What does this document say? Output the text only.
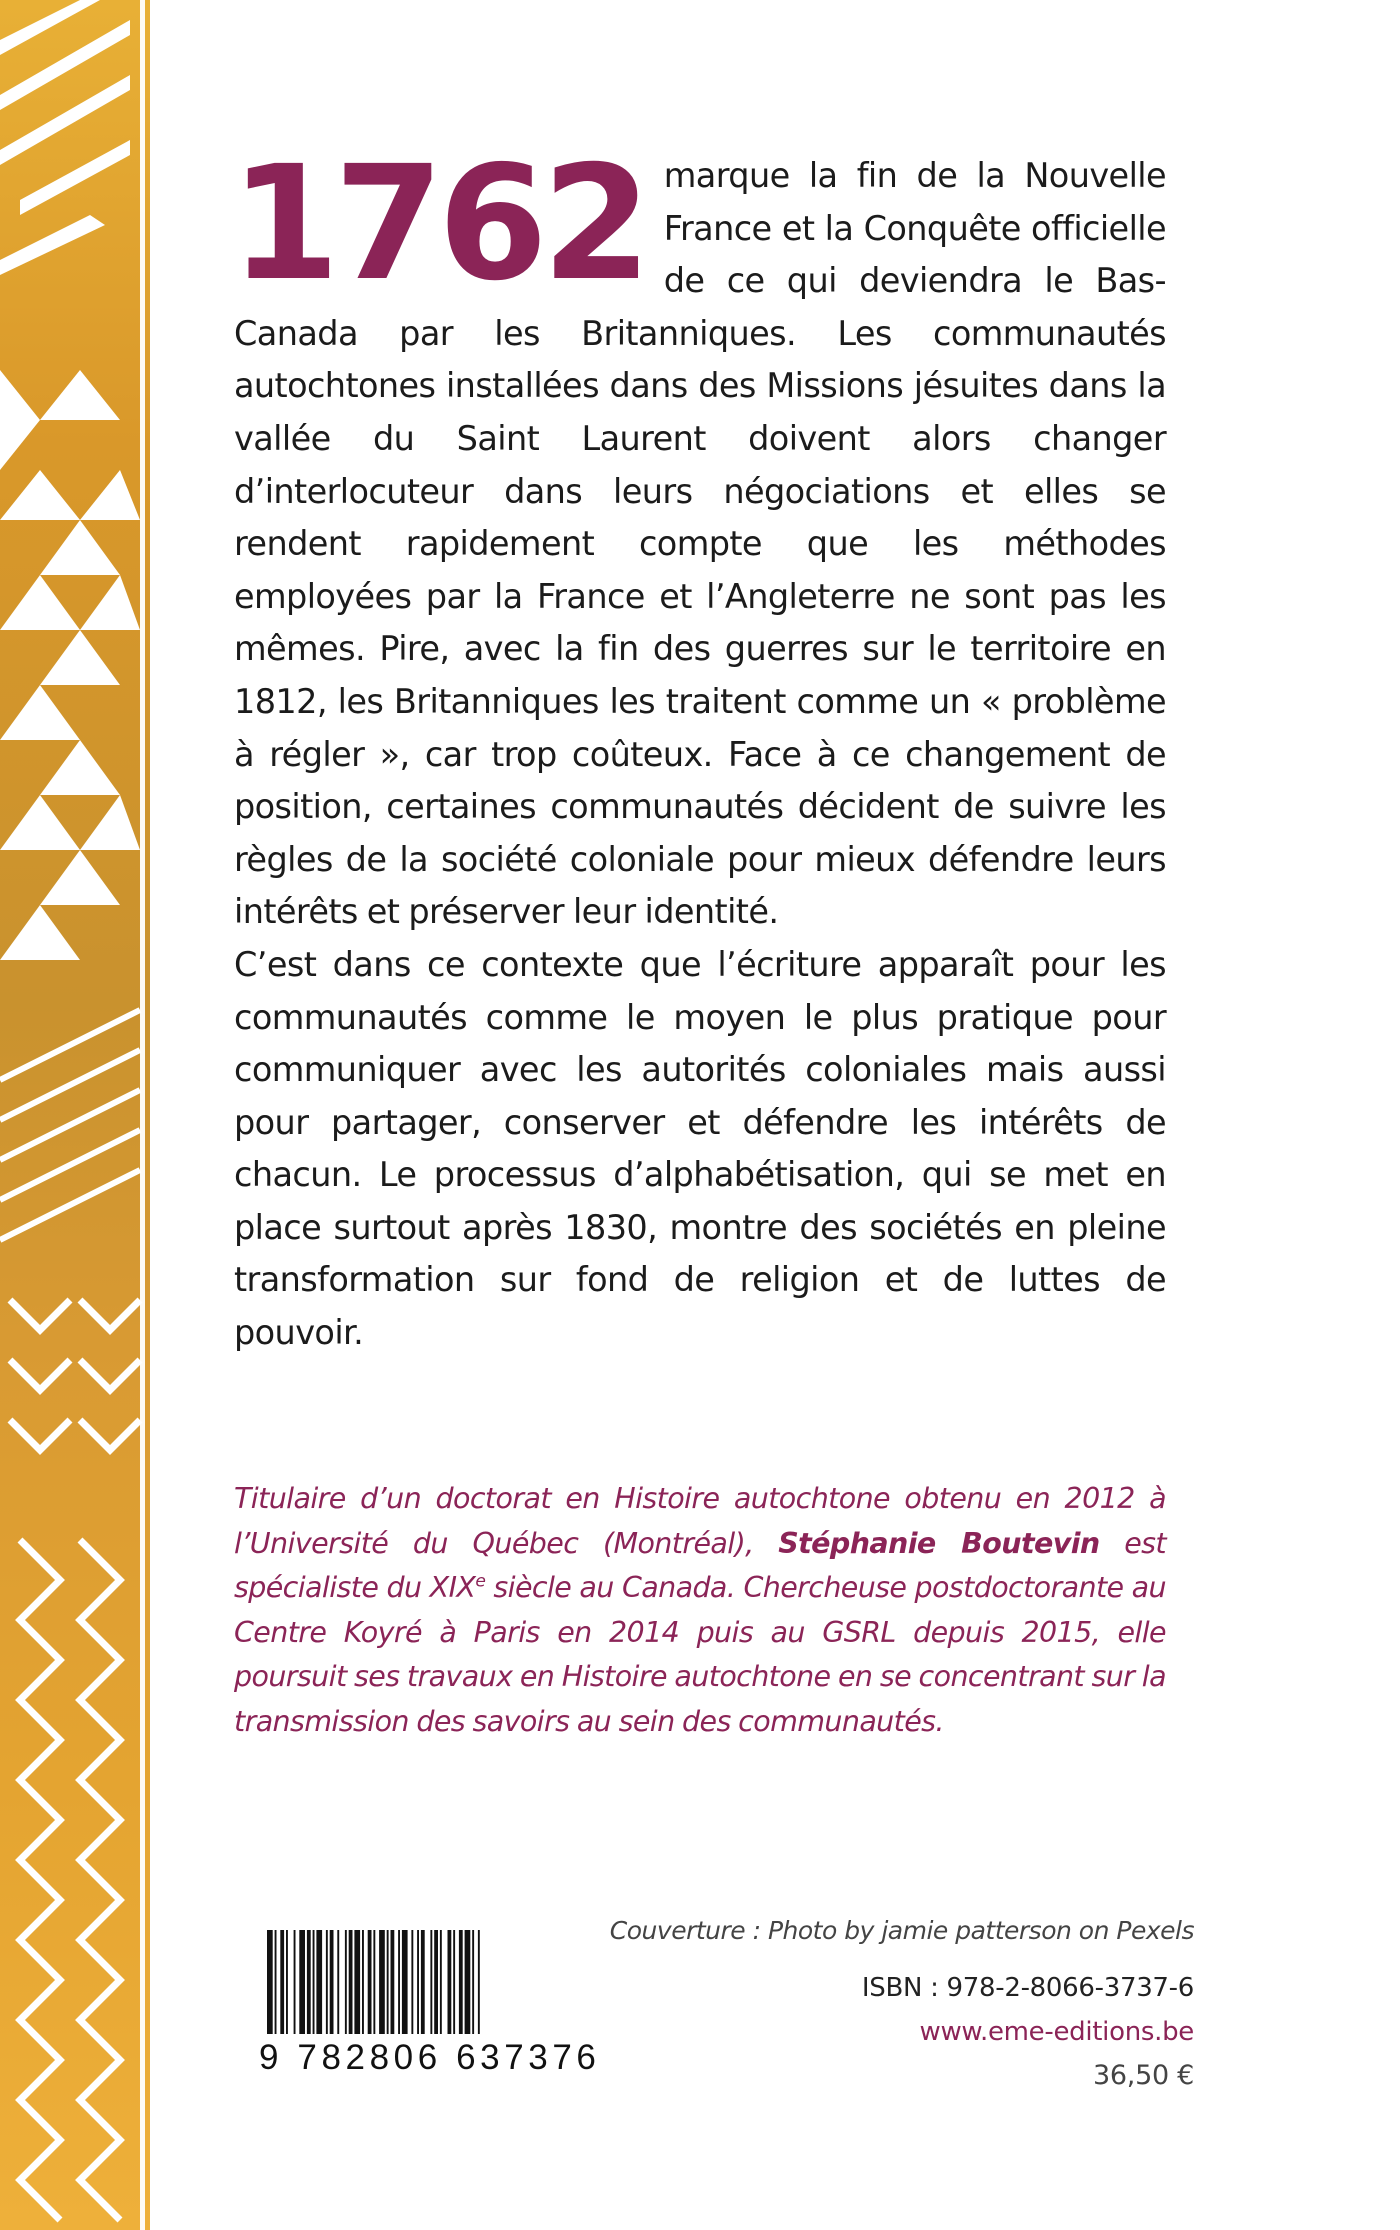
1762 marque la fin de la Nouvelle France et la Conquête officielle de ce qui deviendra le Bas-Canada par les Britanniques. Les communautés autochtones installées dans des Missions jésuites dans la vallée du Saint Laurent doivent alors changer d’interlocuteur dans leurs négociations et elles se rendent rapidement compte que les méthodes employées par la France et l’Angleterre ne sont pas les mêmes. Pire, avec la fin des guerres sur le territoire en 1812, les Britanniques les traitent comme un « problème à régler », car trop coûteux. Face à ce changement de position, certaines communautés décident de suivre les règles de la société coloniale pour mieux défendre leurs intérêts et préserver leur identité.

C’est dans ce contexte que l’écriture apparaît pour les communautés comme le moyen le plus pratique pour communiquer avec les autorités coloniales mais aussi pour partager, conserver et défendre les intérêts de chacun. Le processus d’alphabétisation, qui se met en place surtout après 1830, montre des sociétés en pleine transformation sur fond de religion et de luttes de pouvoir.

Titulaire d’un doctorat en Histoire autochtone obtenu en 2012 à l’Université du Québec (Montréal), Stéphanie Boutevin est spécialiste du XIXe siècle au Canada. Chercheuse postdoctorante au Centre Koyré à Paris en 2014 puis au GSRL depuis 2015, elle poursuit ses travaux en Histoire autochtone en se concentrant sur la transmission des savoirs au sein des communautés.

9 782806 637376
Couverture : Photo by jamie patterson on Pexels
ISBN : 978-2-8066-3737-6
www.eme-editions.be
36,50 €
